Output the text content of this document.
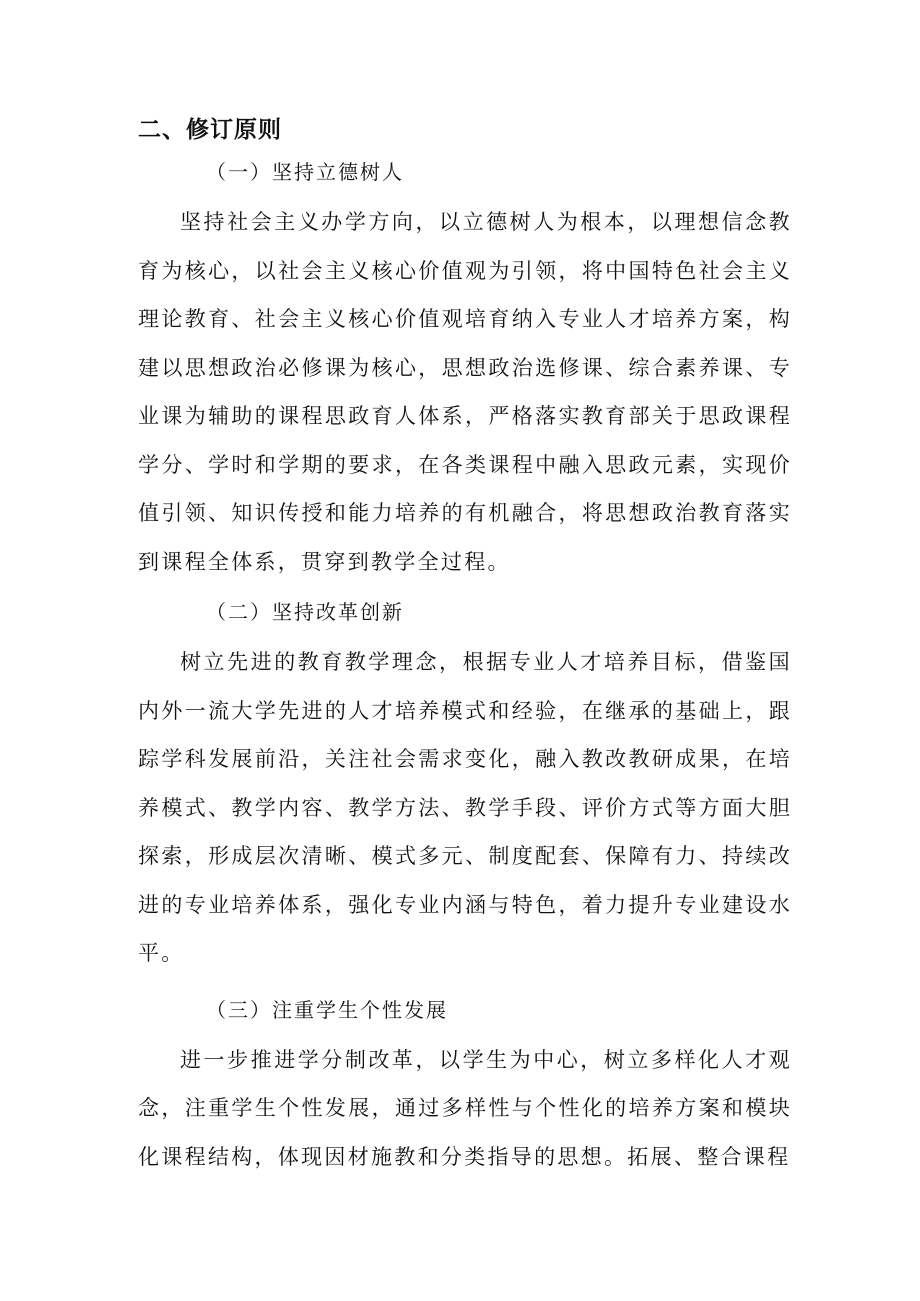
二、修订原则
（一）坚持立德树人

坚持社会主义办学方向，以立德树人为根本，以理想信念教育为核心，以社会主义核心价值观为引领，将中国特色社会主义理论教育、社会主义核心价值观培育纳入专业人才培养方案，构建以思想政治必修课为核心，思想政治选修课、综合素养课、专业课为辅助的课程思政育人体系，严格落实教育部关于思政课程学分、学时和学期的要求，在各类课程中融入思政元素，实现价值引领、知识传授和能力培养的有机融合，将思想政治教育落实到课程全体系，贯穿到教学全过程。

（二）坚持改革创新

树立先进的教育教学理念，根据专业人才培养目标，借鉴国内外一流大学先进的人才培养模式和经验，在继承的基础上，跟踪学科发展前沿，关注社会需求变化，融入教改教研成果，在培养模式、教学内容、教学方法、教学手段、评价方式等方面大胆探索，形成层次清晰、模式多元、制度配套、保障有力、持续改进的专业培养体系，强化专业内涵与特色，着力提升专业建设水平。

（三）注重学生个性发展

进一步推进学分制改革，以学生为中心，树立多样化人才观念，注重学生个性发展，通过多样性与个性化的培养方案和模块化课程结构，体现因材施教和分类指导的思想。拓展、整合课程
